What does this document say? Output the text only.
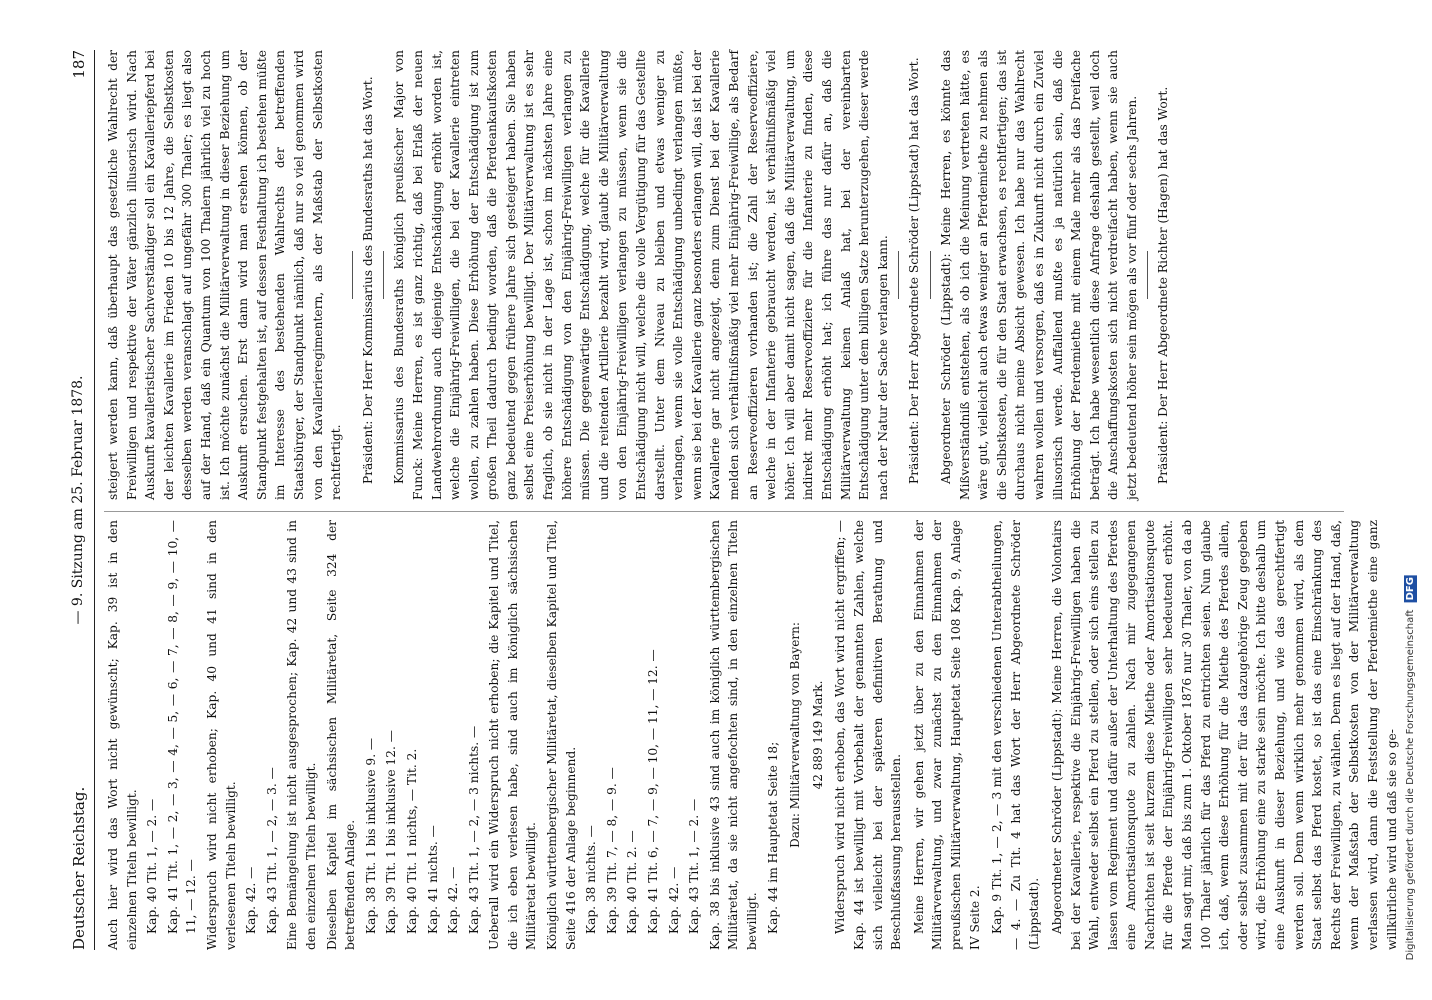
Deutscher Reichstag.
— 9. Sitzung am 25. Februar 1878.
187

Auch hier wird das Wort nicht gewünscht; Kap. 39 ist in den einzelnen Titeln bewilligt. Kap. 40 Tit. 1, — 2. — Kap. 41 Tit. 1, — 2, — 3, — 4, — 5, — 6, — 7, — 8, — 9, — 10, — 11, — 12. — Widerspruch wird nicht erhoben; Kap. 40 und 41 sind in den verlesenen Titeln bewilligt. Kap. 42. — Kap. 43 Tit. 1, — 2, — 3. — Eine Bemängelung ist nicht ausgesprochen; Kap. 42 und 43 sind in den einzelnen Titeln bewilligt. Dieselben Kapitel im sächsischen Militäretat, Seite 324 der betreffenden Anlage. Kap. 38 Tit. 1 bis inklusive 9. — Kap. 39 Tit. 1 bis inklusive 12. — Kap. 40 Tit. 1 nichts, — Tit. 2. Kap. 41 nichts. — Kap. 42. — Kap. 43 Tit. 1, — 2, — 3 nichts. — Ueberall wird ein Widerspruch nicht erhoben; die Kapitel und Titel, die ich eben verlesen habe, sind auch im königlich sächsischen Militäretat bewilligt. Königlich württembergischer Militäretat, dieselben Kapitel und Titel, Seite 416 der Anlage beginnend. Kap. 38 nichts. — Kap. 39 Tit. 7, — 8, — 9. — Kap. 40 Tit. 2. — Kap. 41 Tit. 6, — 7, — 9, — 10, — 11, — 12. — Kap. 42. — Kap. 43 Tit. 1, — 2. — Kap. 38 bis inklusive 43 sind auch im königlich württembergischen Militäretat, da sie nicht angefochten sind, in den einzelnen Titeln bewilligt. Kap. 44 im Hauptetat Seite 18; Dazu: Militärverwaltung von Bayern: 42 889 149 Mark. Widerspruch wird nicht erhoben, das Wort wird nicht ergriffen; — Kap. 44 ist bewilligt mit Vorbehalt der genannten Zahlen, welche sich vielleicht bei der späteren definitiven Berathung und Beschlußfassung herausstellen. Meine Herren, wir gehen jetzt über zu den Einnahmen der Militärverwaltung, und zwar zunächst zu den Einnahmen der preußischen Militärverwaltung, Hauptetat Seite 108 Kap. 9, Anlage IV Seite 2. Kap. 9 Tit. 1, — 2, — 3 mit den verschiedenen Unterabtheilungen, — 4. — Zu Tit. 4 hat das Wort der Herr Abgeordnete Schröder (Lippstadt). Abgeordneter Schröder (Lippstadt): Meine Herren, die Volontairs bei der Kavallerie, respektive die Einjährig-Freiwilligen haben die Wahl, entweder selbst ein Pferd zu stellen, oder sich eins stellen zu lassen vom Regiment und dafür außer der Unterhaltung des Pferdes eine Amortisationsquote zu zahlen. Nach mir zugegangenen Nachrichten ist seit kurzem diese Miethe oder Amortisationsquote für die Pferde der Einjährig-Freiwilligen sehr bedeutend erhöht. Man sagt mir, daß bis zum 1. Oktober 1876 nur 30 Thaler, von da ab 100 Thaler jährlich für das Pferd zu entrichten seien. Nun glaube ich, daß, wenn diese Erhöhung für die Miethe des Pferdes allein, oder selbst zusammen mit der für das dazugehörige Zeug gegeben wird, die Erhöhung eine zu starke sein möchte. Ich bitte deshalb um eine Auskunft in dieser Beziehung, und wie das gerechtfertigt werden soll. Denn wenn wirklich mehr genommen wird, als dem Staat selbst das Pferd kostet, so ist das eine Einschränkung des Rechts der Freiwilligen, zu wählen. Denn es liegt auf der Hand, daß, wenn der Maßstab der Selbstkosten von der Militärverwaltung verlassen wird, dann die Feststellung der Pferdemiethe eine ganz willkürliche wird und daß sie so ge-

steigert werden kann, daß überhaupt das gesetzliche Wahlrecht der Freiwilligen und respektive der Väter gänzlich illusorisch wird. Nach Auskunft kavalleristischer Sachverständiger soll ein Kavalleriepferd bei der leichten Kavallerie im Frieden 10 bis 12 Jahre, die Selbstkosten desselben werden veranschlagt auf ungefähr 300 Thaler; es liegt also auf der Hand, daß ein Quantum von 100 Thalern jährlich viel zu hoch ist. Ich möchte zunächst die Militärverwaltung in dieser Beziehung um Auskunft ersuchen. Erst dann wird man ersehen können, ob der Standpunkt festgehalten ist, auf dessen Festhaltung ich bestehen müßte im Interesse des bestehenden Wahlrechts der betreffenden Staatsbürger, der Standpunkt nämlich, daß nur so viel genommen wird von den Kavallerieregimentern, als der Maßstab der Selbstkosten rechtfertigt. Präsident: Der Herr Kommissarius des Bundesraths hat das Wort. Kommissarius des Bundesraths königlich preußischer Major von Funck: Meine Herren, es ist ganz richtig, daß bei Erlaß der neuen Landwehrordnung auch diejenige Entschädigung erhöht worden ist, welche die Einjährig-Freiwilligen, die bei der Kavallerie eintreten wollen, zu zahlen haben. Diese Erhöhung der Entschädigung ist zum großen Theil dadurch bedingt worden, daß die Pferdeankaufskosten ganz bedeutend gegen frühere Jahre sich gesteigert haben. Sie haben selbst eine Preiserhöhung bewilligt. Der Militärverwaltung ist es sehr fraglich, ob sie nicht in der Lage ist, schon im nächsten Jahre eine höhere Entschädigung von den Einjährig-Freiwilligen verlangen zu müssen. Die gegenwärtige Entschädigung, welche für die Kavallerie und die reitenden Artillerie bezahlt wird, glaubt die Militärverwaltung von den Einjährig-Freiwilligen verlangen zu müssen, wenn sie die Entschädigung nicht will, welche die volle Vergütigung für das Gestellte darstellt. Unter dem Niveau zu bleiben und etwas weniger zu verlangen, wenn sie volle Entschädigung unbedingt verlangen müßte, wenn sie bei der Kavallerie ganz besonders erlangen will, das ist bei der Kavallerie gar nicht angezeigt, denn zum Dienst bei der Kavallerie melden sich verhältnißmäßig viel mehr Einjährig-Freiwillige, als Bedarf an Reserveoffizieren vorhanden ist; die Zahl der Reserveoffiziere, welche in der Infanterie gebraucht werden, ist verhältnißmäßig viel höher. Ich will aber damit nicht sagen, daß die Militärverwaltung, um indirekt mehr Reserveoffiziere für die Infanterie zu finden, diese Entschädigung erhöht hat; ich führe das nur dafür an, daß die Militärverwaltung keinen Anlaß hat, bei der vereinbarten Entschädigung unter dem billigen Satze herunterzugehen, dieser werde nach der Natur der Sache verlangen kann. Präsident: Der Herr Abgeordnete Schröder (Lippstadt) hat das Wort. Abgeordneter Schröder (Lippstadt): Meine Herren, es könnte das Mißverständniß entstehen, als ob ich die Meinung vertreten hätte, es wäre gut, vielleicht auch etwas weniger an Pferdemiethe zu nehmen als die Selbstkosten, die für den Staat erwachsen, es rechtfertigen; das ist durchaus nicht meine Absicht gewesen. Ich habe nur das Wahlrecht wahren wollen und versorgen, daß es in Zukunft nicht durch ein Zuviel illusorisch werde. Auffallend mußte es ja natürlich sein, daß die Erhöhung der Pferdemiethe mit einem Male mehr als das Dreifache beträgt. Ich habe wesentlich diese Anfrage deshalb gestellt, weil doch die Anschaffungskosten sich nicht verdreifacht haben, wenn sie auch jetzt bedeutend höher sein mögen als vor fünf oder sechs Jahren. Präsident: Der Herr Abgeordnete Richter (Hagen) hat das Wort.

Digitalisierung gefördert durch die Deutsche Forschungsgemeinschaft DFG
